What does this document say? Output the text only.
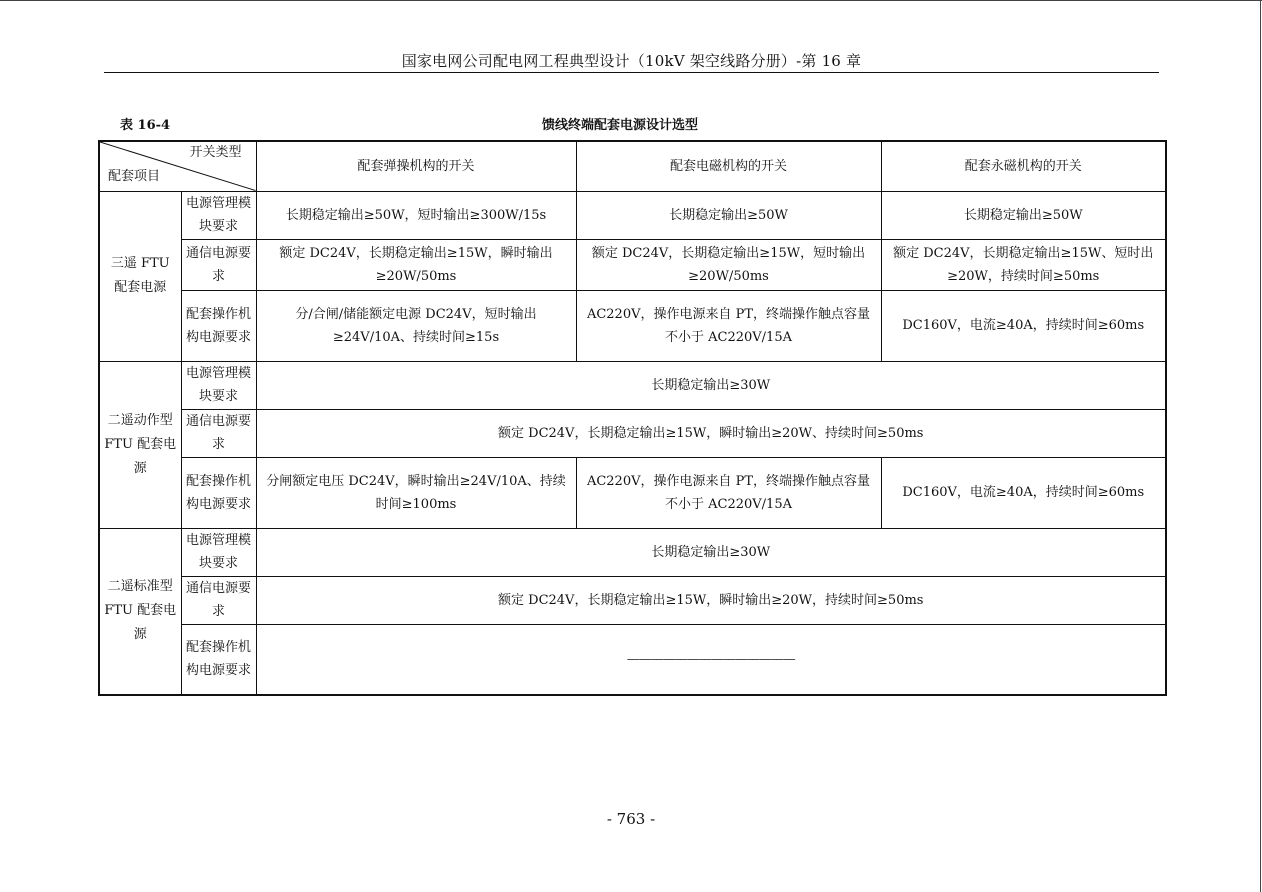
国家电网公司配电网工程典型设计（10kV 架空线路分册）-第 16 章
表 16-4	馈线终端配套电源设计选型
开关类型
配套项目		配套弹操机构的开关	配套电磁机构的开关	配套永磁机构的开关
三遥 FTU 配套电源	电源管理模块要求	长期稳定输出≥50W，短时输出≥300W/15s	长期稳定输出≥50W	长期稳定输出≥50W
	通信电源要求	额定 DC24V，长期稳定输出≥15W，瞬时输出≥20W/50ms	额定 DC24V，长期稳定输出≥15W，短时输出≥20W/50ms	额定 DC24V，长期稳定输出≥15W、短时出≥20W，持续时间≥50ms
	配套操作机构电源要求	分/合闸/储能额定电源 DC24V，短时输出≥24V/10A、持续时间≥15s	AC220V，操作电源来自 PT，终端操作触点容量不小于 AC220V/15A	DC160V，电流≥40A，持续时间≥60ms
二遥动作型 FTU 配套电源	电源管理模块要求	长期稳定输出≥30W		
	通信电源要求	额定 DC24V，长期稳定输出≥15W，瞬时输出≥20W、持续时间≥50ms		
	配套操作机构电源要求	分闸额定电压 DC24V，瞬时输出≥24V/10A、持续时间≥100ms	AC220V，操作电源来自 PT，终端操作触点容量不小于 AC220V/15A	DC160V，电流≥40A，持续时间≥60ms
二遥标准型 FTU 配套电源	电源管理模块要求	长期稳定输出≥30W		
	通信电源要求	额定 DC24V，长期稳定输出≥15W，瞬时输出≥20W，持续时间≥50ms		
	配套操作机构电源要求	——————————————		
- 763 -
